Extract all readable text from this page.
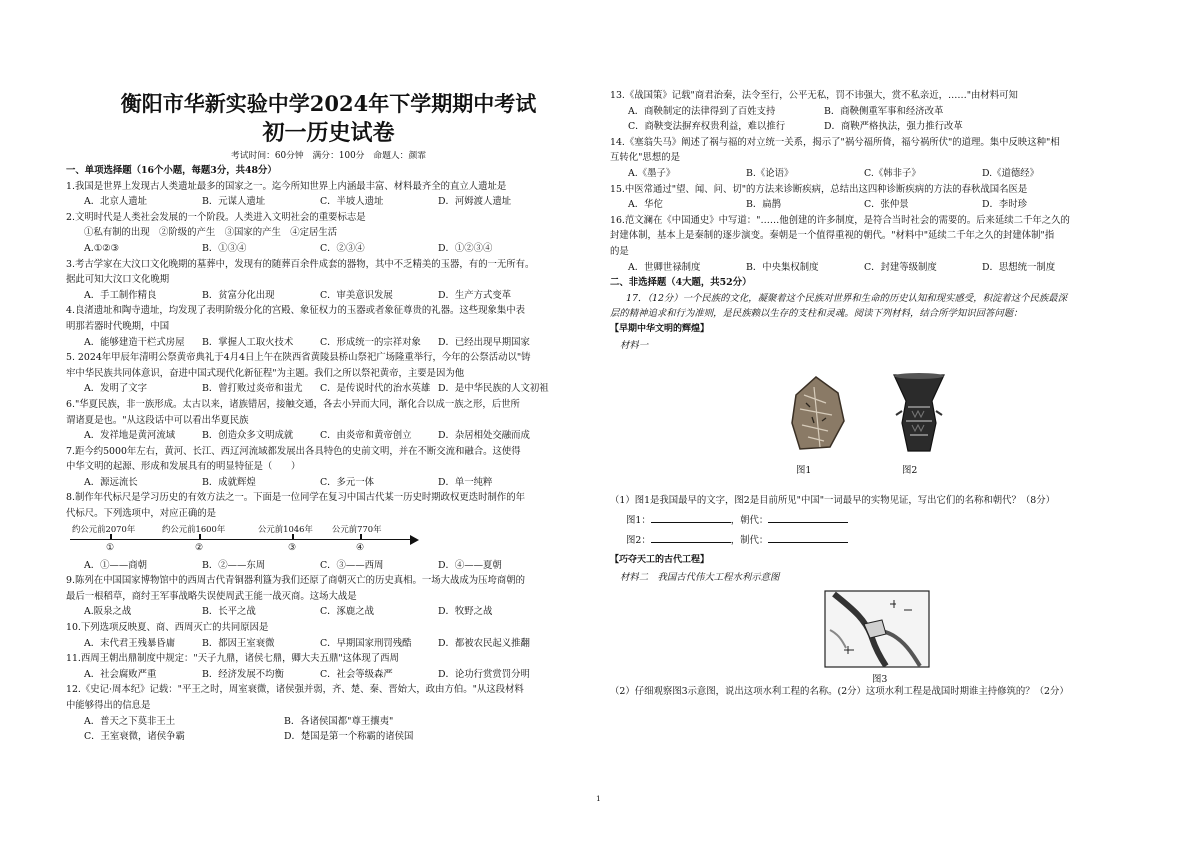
衡阳市华新实验中学2024年下学期期中考试
初一历史试卷
考试时间：60分钟　满分：100分　命题人：颜霏
一、单项选择题（16个小题，每题3分，共48分）
1.我国是世界上发现古人类遗址最多的国家之一。迄今所知世界上内涵最丰富、材料最齐全的直立人遗址是
A．北京人遗址	B．元谋人遗址	C．半坡人遗址	D．河姆渡人遗址
2.文明时代是人类社会发展的一个阶段。人类进入文明社会的重要标志是
①私有制的出现　②阶级的产生　③国家的产生　④定居生活
A.①②③	B．①③④	C．②③④	D．①②③④
3.考古学家在大汶口文化晚期的墓葬中，发现有的随葬百余件成套的器物，其中不乏精美的玉器，有的一无所有。
据此可知大汶口文化晚期
A．手工制作精良	B．贫富分化出现	C．审美意识发展	D．生产方式变革
4.良渚遗址和陶寺遗址，均发现了表明阶级分化的宫殿、象征权力的玉器或者象征尊贵的礼器。这些现象集中表
明那若器时代晚期，中国
A．能够建造干栏式房屋 B．掌握人工取火技术	C．形成统一的宗祥对象 D．已经出现早期国家
5. 2024年甲辰年清明公祭黄帝典礼于4月4日上午在陕西省黄陵县桥山祭祀广场隆重举行，今年的公祭活动以"铸
牢中华民族共同体意识，奋进中国式现代化新征程"为主题。我们之所以祭祀黄帝，主要是因为他
A．发明了文字	B．曾打败过炎帝和蚩尤 C．是传说时代的治水英雄 D．是中华民族的人文初祖
6."华夏民族，非一族形成。太古以来，诸族错居，接触交通，各去小异而大同，渐化合以成一族之形，后世所
谓诸夏是也。"从这段话中可以看出华夏民族
A．发祥地是黄河流域	B．创造众多文明成就	C．由炎帝和黄帝创立	D．杂居相处交融而成
7.距今约5000年左右，黄河、长江、西辽河流域都发展出各具特色的史前文明，并在不断交流和融合。这使得
中华文明的起源、形成和发展具有的明显特征是（　　）
A．源远流长	B．成就辉煌	C．多元一体	D．单一纯粹
8.制作年代标尺是学习历史的有效方法之一。下面是一位同学在复习中国古代某一历史时期政权更迭时制作的年
代标尺。下列选项中，对应正确的是
约公元前2070年	约公元前1600年	公元前1046年 公元前770年
①	②	③	④
A．①——商朝	B．②——东周	C．③——西周	D．④——夏朝
9.陈列在中国国家博物馆中的西周古代青铜器利簋为我们还原了商朝灭亡的历史真相。一场大战成为压垮商朝的
最后一根稻草，商纣王军事战略失误使周武王能一战灭商。这场大战是
A.阪泉之战	B．长平之战	C．涿鹿之战	D．牧野之战
10.下列选项反映夏、商、西周灭亡的共同原因是
A．末代君王残暴昏庸	B．都因王室衰微	C．早期国家刑罚残酷	D．都被农民起义推翻
11.西周王朝出鼎制度中规定："天子九鼎，诸侯七鼎，卿大夫五鼎"这体现了西周
A．社会腐败严重	B．经济发展不均衡	C．社会等级森严	D．论功行赏赏罚分明
12.《史记·周本纪》记载："平王之时，周室衰微，诸侯强并弱，齐、楚、秦、晋始大，政由方伯。"从这段材料
中能够得出的信息是
A．普天之下莫非王土	B．各诸侯国都"尊王攘夷"
C．王室衰微，诸侯争霸	D．楚国是第一个称霸的诸侯国
13.《战国策》记载"商君治秦，法令至行，公平无私，罚不讳强大，赏不私亲近，……"由材料可知
A．商鞅制定的法律得到了百姓支持	B．商鞅侧重军事和经济改革
C．商鞅变法摒弃权贵利益，难以推行	D．商鞅严格执法，强力推行改革
14.《塞翁失马》阐述了祸与福的对立统一关系，揭示了"祸兮福所倚，福兮祸所伏"的道理。集中反映这种"相
互转化"思想的是
A.《墨子》	B.《论语》	C.《韩非子》	D.《道德经》
15.中医常通过"望、闻、问、切"的方法来诊断疾病，总结出这四种诊断疾病的方法的春秋战国名医是
A．华佗	B．扁鹊	C．张仲景	D．李时珍
16.范文澜在《中国通史》中写道："……他创建的许多制度，是符合当时社会的需要的。后来延续二千年之久的
封建体制，基本上是秦制的逐步演变。秦朝是一个值得重视的朝代。"材料中"延续二千年之久的封建体制"指
的是
A．世卿世禄制度	B．中央集权制度	C．封建等级制度	D．思想统一制度
二、非选择题（4大题，共52分）
17．（12分）一个民族的文化，凝聚着这个民族对世界和生命的历史认知和现实感受，积淀着这个民族最深
层的精神追求和行为准则，是民族赖以生存的支柱和灵魂。阅读下列材料，结合所学知识回答问题：
【早期中华文明的辉煌】
材料一
图1	图2
（1）图1是我国最早的文字，图2是目前所见"中国"一词最早的实物见证，写出它们的名称和朝代？（8分）
图1：	，朝代：
图2：	，制代：
【巧夺天工的古代工程】
材料二　我国古代伟大工程水利示意图
图3
（2）仔细观察图3示意图，说出这项水利工程的名称。(2分）这项水利工程是战国时期谁主持修筑的？（2分）
1
